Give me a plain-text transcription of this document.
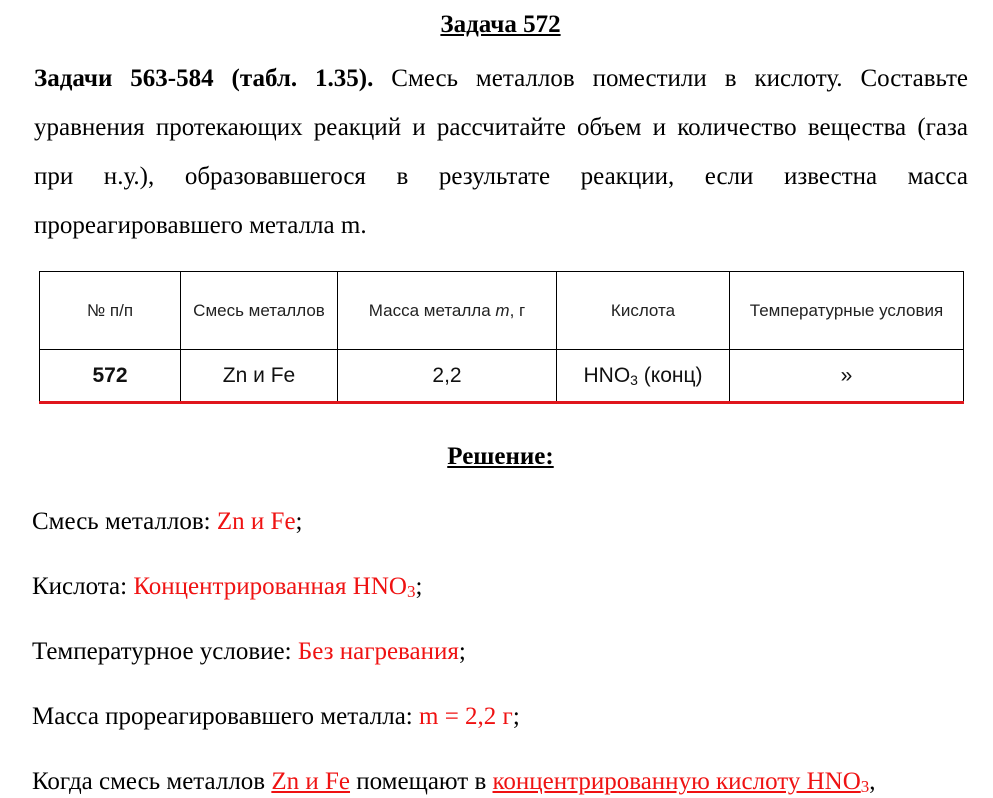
Задача 572

Задачи 563-584 (табл. 1.35). Смесь металлов поместили в кислоту. Составьте уравнения протекающих реакций и рассчитайте объем и количество вещества (газа при н.у.), образовавшегося в результате реакции, если известна масса прореагировавшего металла m.

№ п/п	Смесь металлов	Масса металла m, г	Кислота	Температурные условия
572	Zn и Fe	2,2	$HNO_3$ (конц)	»
Решение:
Смесь металлов: Zn и Fe;
Кислота: Концентрированная $HNO_3$;
Температурное условие: Без нагревания;
Масса прореагировавшего металла: m = 2,2 г;
Когда смесь металлов Zn и Fe помещают в концентрированную кислоту $HNO_3$,
